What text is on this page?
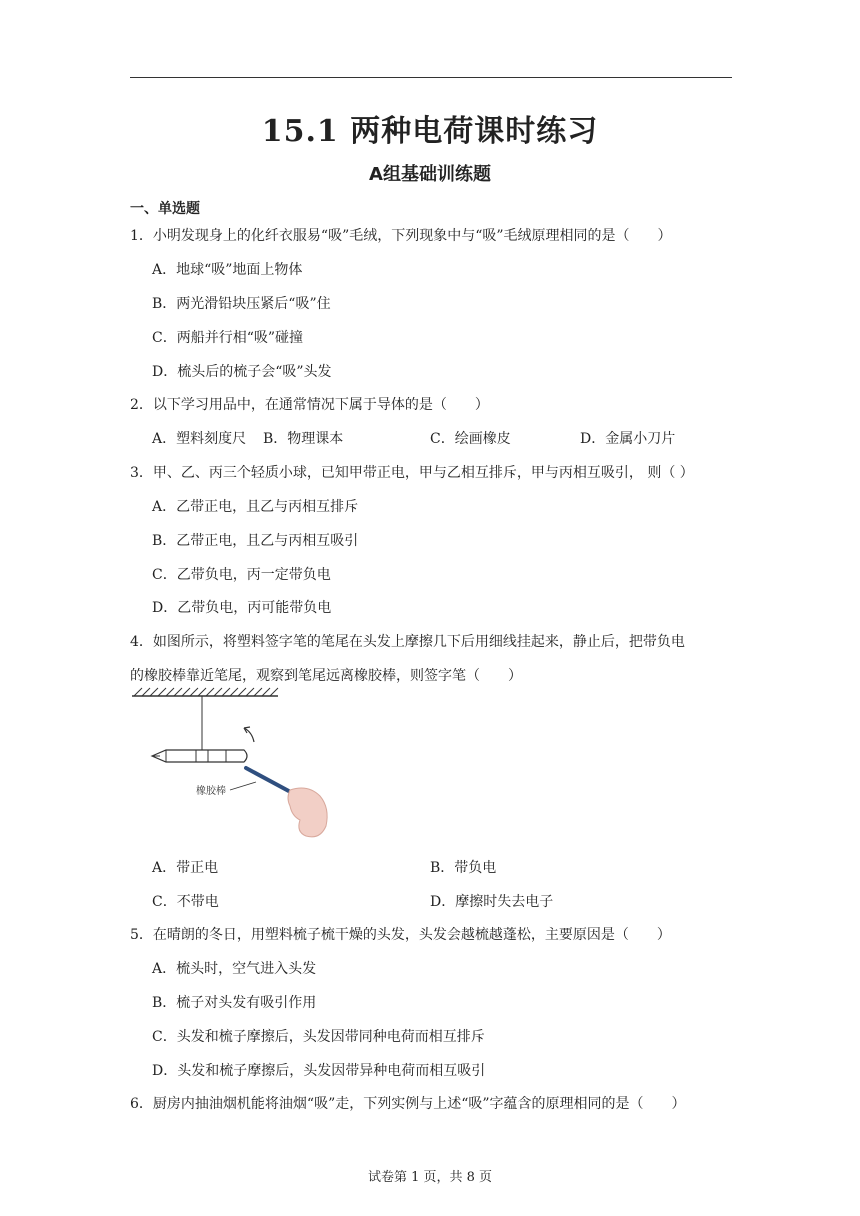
15.1 两种电荷课时练习
A组基础训练题
一、单选题
1．小明发现身上的化纤衣服易“吸”毛绒，下列现象中与“吸”毛绒原理相同的是（　　）
A．地球“吸”地面上物体
B．两光滑铅块压紧后“吸”住
C．两船并行相“吸”碰撞
D．梳头后的梳子会“吸”头发
2．以下学习用品中，在通常情况下属于导体的是（　　）
A．塑料刻度尺 B．物理课本	C．绘画橡皮	D．金属小刀片
3．甲、乙、丙三个轻质小球，已知甲带正电，甲与乙相互排斥，甲与丙相互吸引， 则（ ）
A．乙带正电，且乙与丙相互排斥
B．乙带正电，且乙与丙相互吸引
C．乙带负电，丙一定带负电
D．乙带负电，丙可能带负电
4．如图所示，将塑料签字笔的笔尾在头发上摩擦几下后用细线挂起来，静止后，把带负电
的橡胶棒靠近笔尾，观察到笔尾远离橡胶棒，则签字笔（　　）
橡胶棒
A．带正电	B．带负电
C．不带电	D．摩擦时失去电子
5．在晴朗的冬日，用塑料梳子梳干燥的头发，头发会越梳越蓬松，主要原因是（　　）
A．梳头时，空气进入头发
B．梳子对头发有吸引作用
C．头发和梳子摩擦后，头发因带同种电荷而相互排斥
D．头发和梳子摩擦后，头发因带异种电荷而相互吸引
6．厨房内抽油烟机能将油烟“吸”走，下列实例与上述“吸”字蕴含的原理相同的是（　　）
试卷第 1 页，共 8 页
